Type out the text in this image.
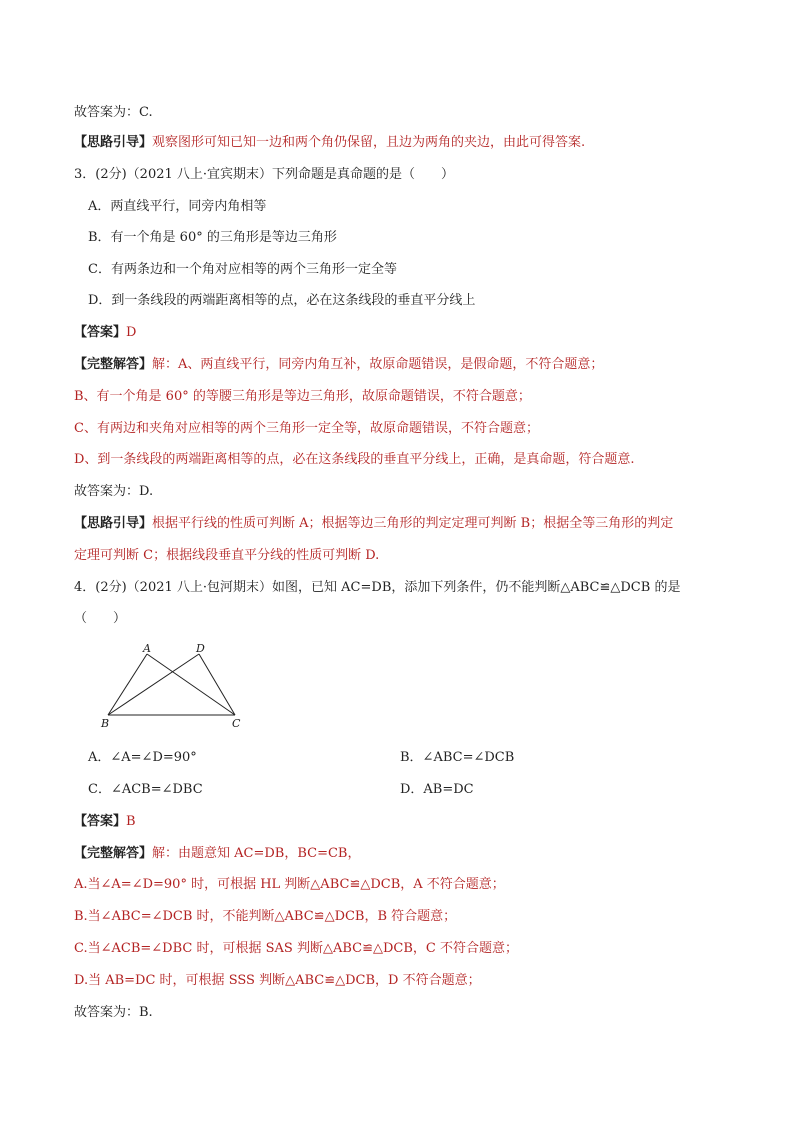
故答案为：C.
【思路引导】观察图形可知已知一边和两个角仍保留，且边为两角的夹边，由此可得答案.
3．(2分)（2021 八上·宜宾期末）下列命题是真命题的是（　　）
A．两直线平行，同旁内角相等
B．有一个角是 60° 的三角形是等边三角形
C．有两条边和一个角对应相等的两个三角形一定全等
D．到一条线段的两端距离相等的点，必在这条线段的垂直平分线上
【答案】D
【完整解答】解：A、两直线平行，同旁内角互补，故原命题错误，是假命题，不符合题意；
B、有一个角是 60° 的等腰三角形是等边三角形，故原命题错误，不符合题意；
C、有两边和夹角对应相等的两个三角形一定全等，故原命题错误，不符合题意；
D、到一条线段的两端距离相等的点，必在这条线段的垂直平分线上，正确，是真命题，符合题意.
故答案为：D.
【思路引导】根据平行线的性质可判断 A；根据等边三角形的判定定理可判断 B；根据全等三角形的判定
定理可判断 C；根据线段垂直平分线的性质可判断 D.
4．(2分)（2021 八上·包河期末）如图，已知 AC=DB，添加下列条件，仍不能判断△ABC≌△DCB 的是
（　　）
A	D
B	C
A．∠A=∠D=90°	B．∠ABC=∠DCB
C．∠ACB=∠DBC	D．AB=DC
【答案】B
【完整解答】解：由题意知 AC=DB，BC=CB，
A.当∠A=∠D=90° 时，可根据 HL 判断△ABC≌△DCB，A 不符合题意；
B.当∠ABC=∠DCB 时，不能判断△ABC≌△DCB，B 符合题意；
C.当∠ACB=∠DBC 时，可根据 SAS 判断△ABC≌△DCB，C 不符合题意；
D.当 AB=DC 时，可根据 SSS 判断△ABC≌△DCB，D 不符合题意；
故答案为：B.
